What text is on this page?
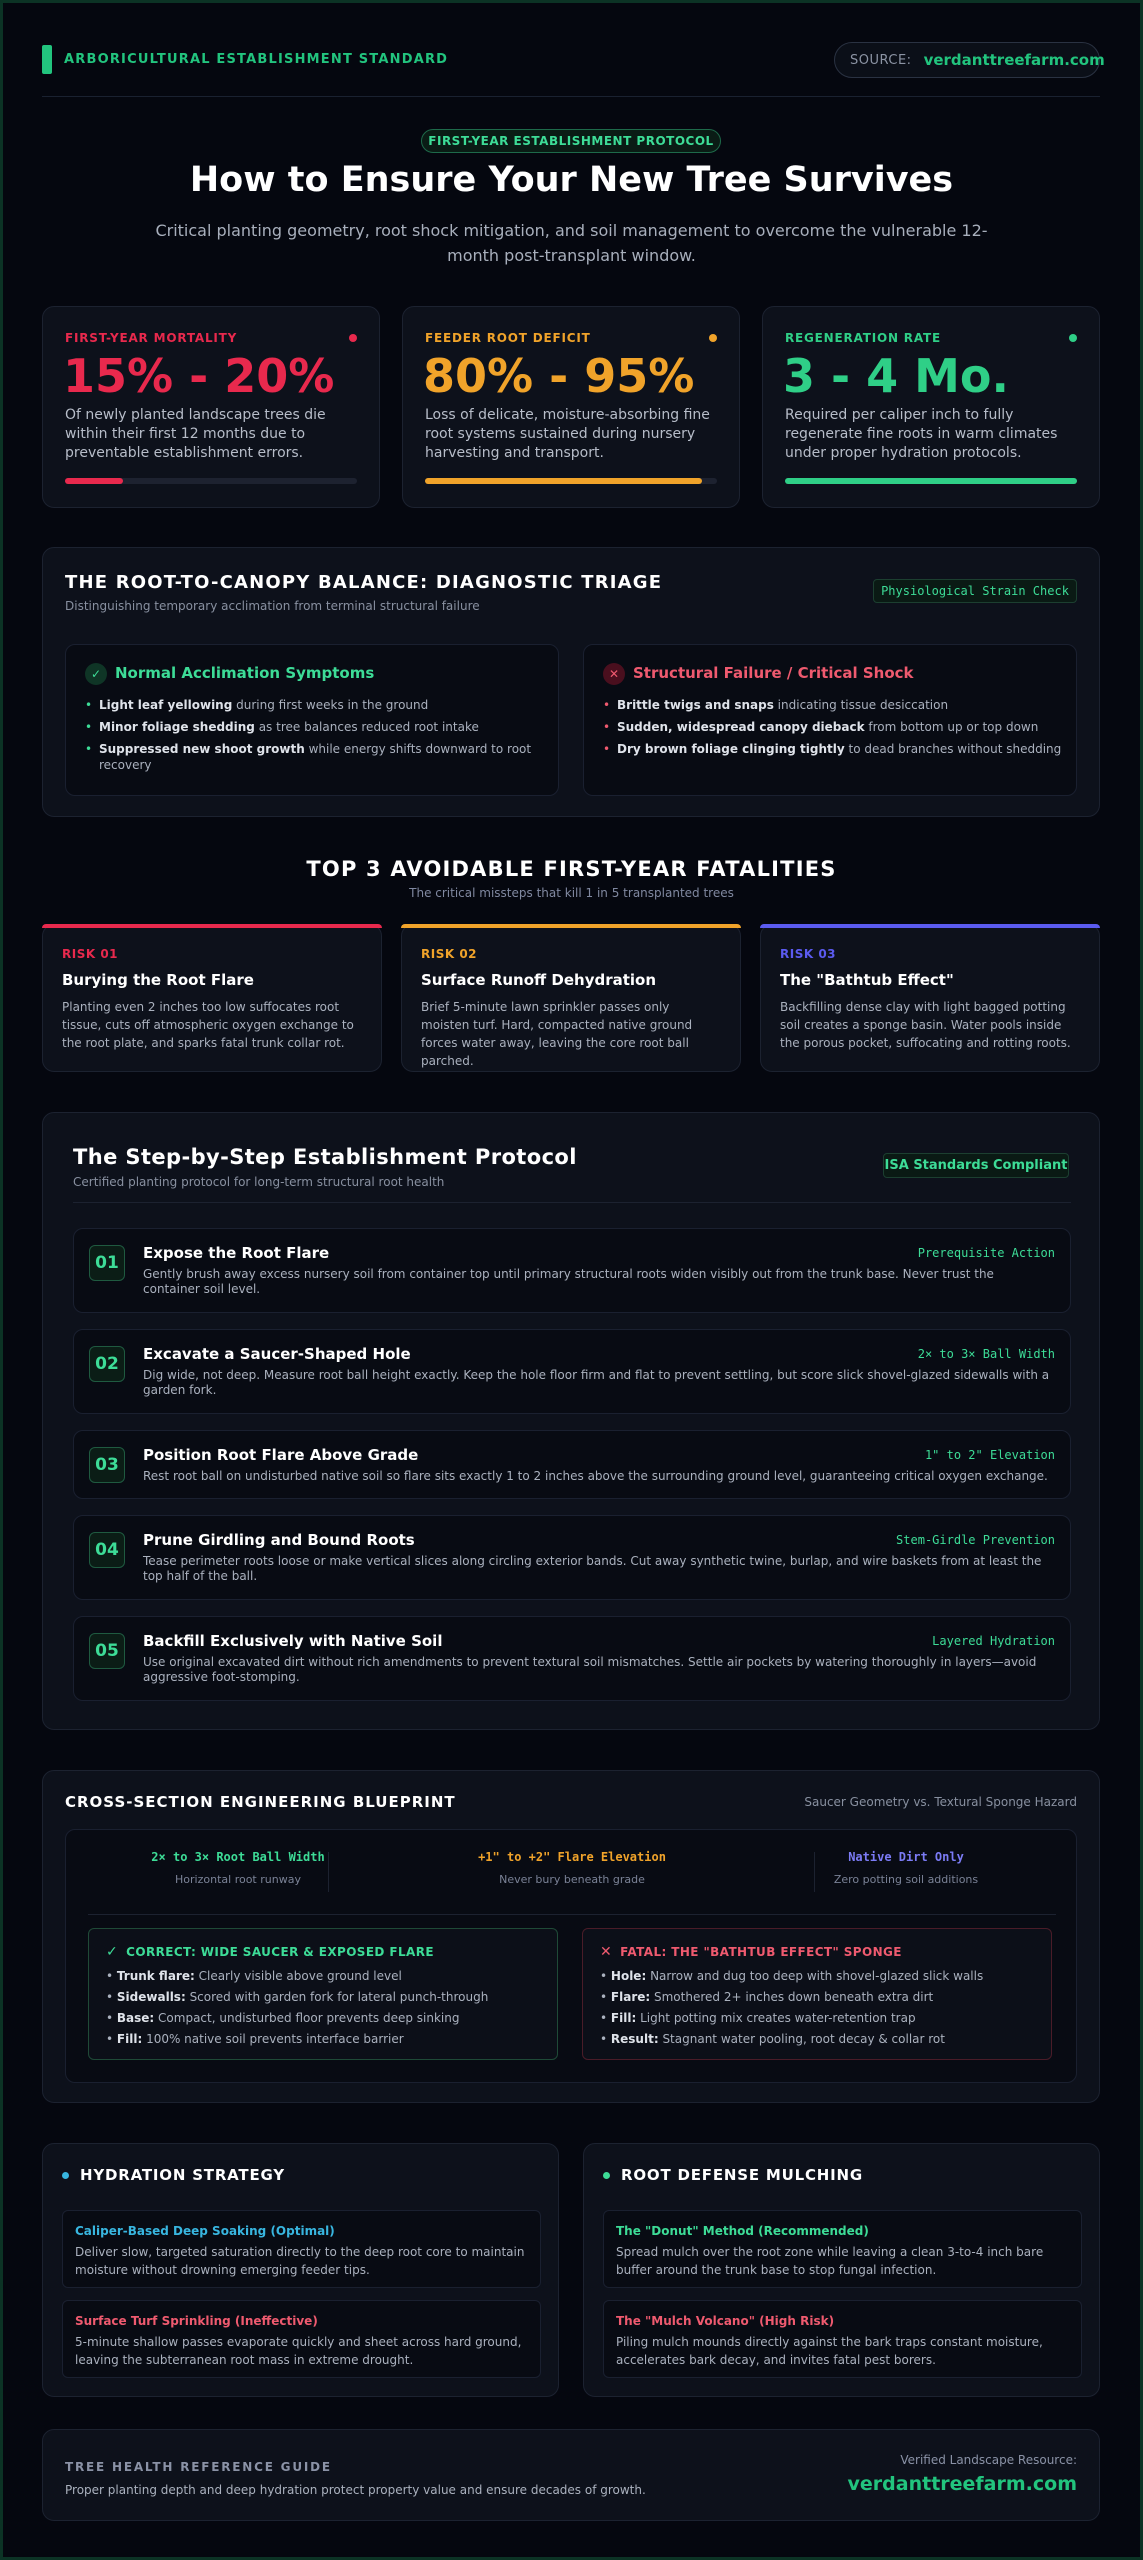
ARBORICULTURAL ESTABLISHMENT STANDARD	SOURCE: verdanttreefarm.com
FIRST-YEAR ESTABLISHMENT PROTOCOL
How to Ensure Your New Tree Survives
Critical planting geometry, root shock mitigation, and soil management to overcome the vulnerable 12-month post-transplant window.
FIRST-YEAR MORTALITY
15% - 20%
Of newly planted landscape trees die within their first 12 months due to preventable establishment errors.
FEEDER ROOT DEFICIT
80% - 95%
Loss of delicate, moisture-absorbing fine root systems sustained during nursery harvesting and transport.
REGENERATION RATE
3 - 4 Mo.
Required per caliper inch to fully regenerate fine roots in warm climates under proper hydration protocols.
THE ROOT-TO-CANOPY BALANCE: DIAGNOSTIC TRIAGE
Distinguishing temporary acclimation from terminal structural failure
Physiological Strain Check
✓ Normal Acclimation Symptoms
• Light leaf yellowing during first weeks in the ground
• Minor foliage shedding as tree balances reduced root intake
• Suppressed new shoot growth while energy shifts downward to root recovery
✕ Structural Failure / Critical Shock
• Brittle twigs and snaps indicating tissue desiccation
• Sudden, widespread canopy dieback from bottom up or top down
• Dry brown foliage clinging tightly to dead branches without shedding
TOP 3 AVOIDABLE FIRST-YEAR FATALITIES
The critical missteps that kill 1 in 5 transplanted trees
RISK 01
Burying the Root Flare
Planting even 2 inches too low suffocates root tissue, cuts off atmospheric oxygen exchange to the root plate, and sparks fatal trunk collar rot.
RISK 02
Surface Runoff Dehydration
Brief 5-minute lawn sprinkler passes only moisten turf. Hard, compacted native ground forces water away, leaving the core root ball parched.
RISK 03
The "Bathtub Effect"
Backfilling dense clay with light bagged potting soil creates a sponge basin. Water pools inside the porous pocket, suffocating and rotting roots.
The Step-by-Step Establishment Protocol
Certified planting protocol for long-term structural root health
ISA Standards Compliant
01	Expose the Root Flare	Prerequisite Action
Gently brush away excess nursery soil from container top until primary structural roots widen visibly out from the trunk base. Never trust the container soil level.
02	Excavate a Saucer-Shaped Hole	2× to 3× Ball Width
Dig wide, not deep. Measure root ball height exactly. Keep the hole floor firm and flat to prevent settling, but score slick shovel-glazed sidewalls with a garden fork.
03	Position Root Flare Above Grade	1" to 2" Elevation
Rest root ball on undisturbed native soil so flare sits exactly 1 to 2 inches above the surrounding ground level, guaranteeing critical oxygen exchange.
04	Prune Girdling and Bound Roots	Stem-Girdle Prevention
Tease perimeter roots loose or make vertical slices along circling exterior bands. Cut away synthetic twine, burlap, and wire baskets from at least the top half of the ball.
05	Backfill Exclusively with Native Soil	Layered Hydration
Use original excavated dirt without rich amendments to prevent textural soil mismatches. Settle air pockets by watering thoroughly in layers—avoid aggressive foot-stomping.
CROSS-SECTION ENGINEERING BLUEPRINT	Saucer Geometry vs. Textural Sponge Hazard
2× to 3× Root Ball Width
Horizontal root runway
+1" to +2" Flare Elevation
Never bury beneath grade
Native Dirt Only
Zero potting soil additions
✓ CORRECT: WIDE SAUCER & EXPOSED FLARE
• Trunk flare: Clearly visible above ground level
• Sidewalls: Scored with garden fork for lateral punch-through
• Base: Compact, undisturbed floor prevents deep sinking
• Fill: 100% native soil prevents interface barrier
✕ FATAL: THE "BATHTUB EFFECT" SPONGE
• Hole: Narrow and dug too deep with shovel-glazed slick walls
• Flare: Smothered 2+ inches down beneath extra dirt
• Fill: Light potting mix creates water-retention trap
• Result: Stagnant water pooling, root decay & collar rot
HYDRATION STRATEGY
Caliper-Based Deep Soaking (Optimal)
Deliver slow, targeted saturation directly to the deep root core to maintain moisture without drowning emerging feeder tips.
Surface Turf Sprinkling (Ineffective)
5-minute shallow passes evaporate quickly and sheet across hard ground, leaving the subterranean root mass in extreme drought.
ROOT DEFENSE MULCHING
The "Donut" Method (Recommended)
Spread mulch over the root zone while leaving a clean 3-to-4 inch bare buffer around the trunk base to stop fungal infection.
The "Mulch Volcano" (High Risk)
Piling mulch mounds directly against the bark traps constant moisture, accelerates bark decay, and invites fatal pest borers.
TREE HEALTH REFERENCE GUIDE
Proper planting depth and deep hydration protect property value and ensure decades of growth.
Verified Landscape Resource:
verdanttreefarm.com
